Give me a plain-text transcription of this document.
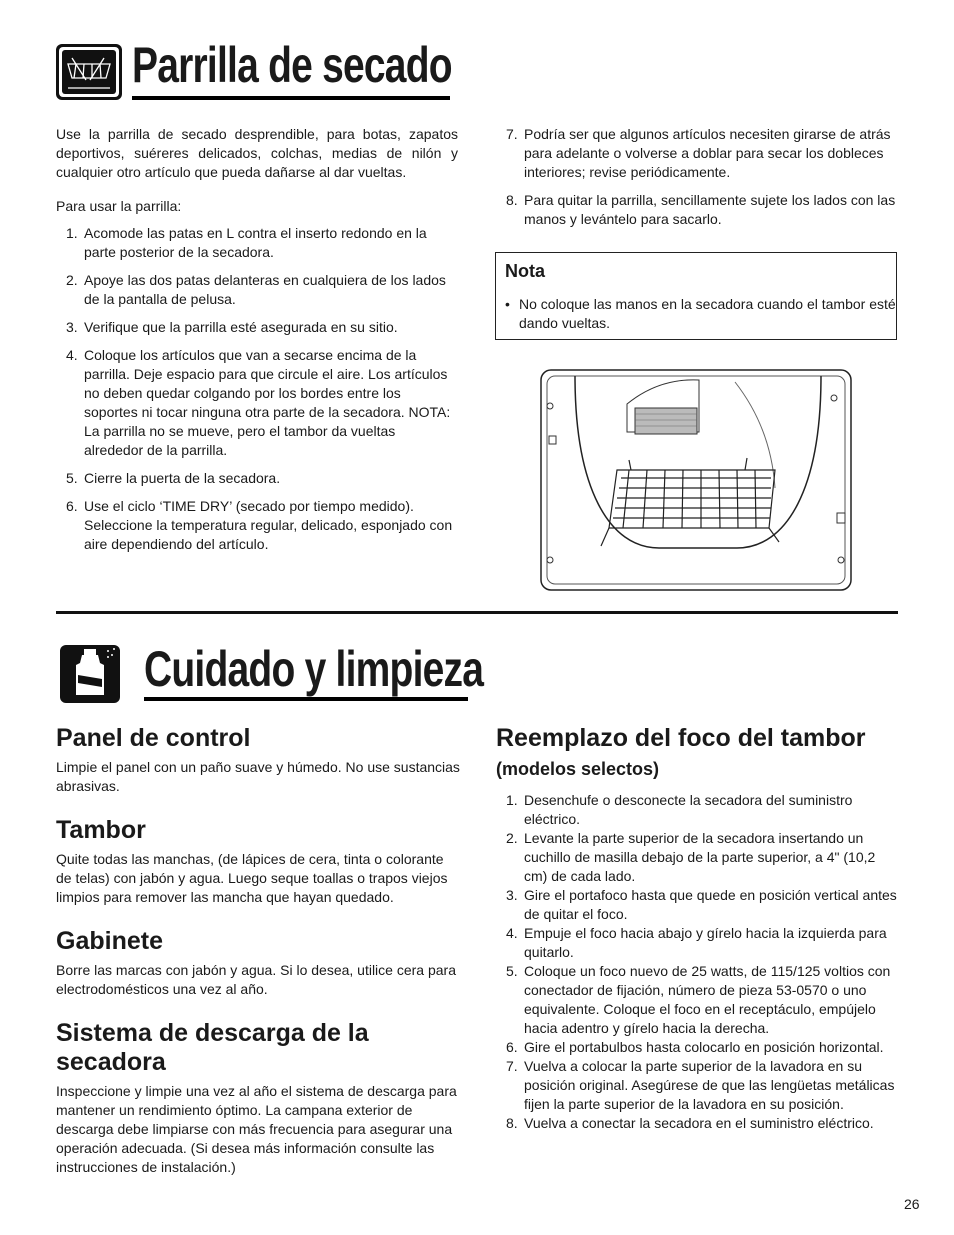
Parrilla de secado

Use la parrilla de secado desprendible, para botas, zapatos deportivos, suéreres delicados, colchas, medias de nilón y cualquier otro artículo que pueda dañarse al dar vueltas.

Para usar la parrilla:

1. Acomode las patas en L contra el inserto redondo en la parte posterior de la secadora.
2. Apoye las dos patas delanteras en cualquiera de los lados de la pantalla de pelusa.
3. Verifique que la parrilla esté asegurada en su sitio.
4. Coloque los artículos que van a secarse encima de la parrilla. Deje espacio para que circule el aire. Los artículos no deben quedar colgando por los bordes entre los soportes ni tocar ninguna otra parte de la secadora. NOTA: La parrilla no se mueve, pero el tambor da vueltas alrededor de la parrilla.
5. Cierre la puerta de la secadora.
6. Use el ciclo ‘TIME DRY’ (secado por tiempo medido). Seleccione la temperatura regular, delicado, esponjado con aire dependiendo del artículo.
7. Podría ser que algunos artículos necesiten girarse de atrás para adelante o volverse a doblar para secar los dobleces interiores; revise periódicamente.
8. Para quitar la parrilla, sencillamente sujete los lados con las manos y levántelo para sacarlo.
Nota
• No coloque las manos en la secadora cuando el tambor esté dando vueltas.
Cuidado y limpieza
Panel de control

Limpie el panel con un paño suave y húmedo. No use sustancias abrasivas.

Tambor

Quite todas las manchas, (de lápices de cera, tinta o colorante de telas) con jabón y agua. Luego seque toallas o trapos viejos limpios para remover las mancha que hayan quedado.

Gabinete

Borre las marcas con jabón y agua. Si lo desea, utilice cera para electrodomésticos una vez al año.

Sistema de descarga de la secadora

Inspeccione y limpie una vez al año el sistema de descarga para mantener un rendimiento óptimo. La campana exterior de descarga debe limpiarse con más frecuencia para asegurar una operación adecuada. (Si desea más información consulte las instrucciones de instalación.)

Reemplazo del foco del tambor (modelos selectos)
1. Desenchufe o desconecte la secadora del suministro eléctrico.
2. Levante la parte superior de la secadora insertando un cuchillo de masilla debajo de la parte superior, a 4" (10,2 cm) de cada lado.
3. Gire el portafoco hasta que quede en posición vertical antes de quitar el foco.
4. Empuje el foco hacia abajo y gírelo hacia la izquierda para quitarlo.
5. Coloque un foco nuevo de 25 watts, de 115/125 voltios con conectador de fijación, número de pieza 53-0570 o uno equivalente. Coloque el foco en el receptáculo, empújelo hacia adentro y gírelo hacia la derecha.
6. Gire el portabulbos hasta colocarlo en posición horizontal.
7. Vuelva a colocar la parte superior de la lavadora en su posición original. Asegúrese de que las lengüetas metálicas fijen la parte superior de la lavadora en su posición.
8. Vuelva a conectar la secadora en el suministro eléctrico.
26
